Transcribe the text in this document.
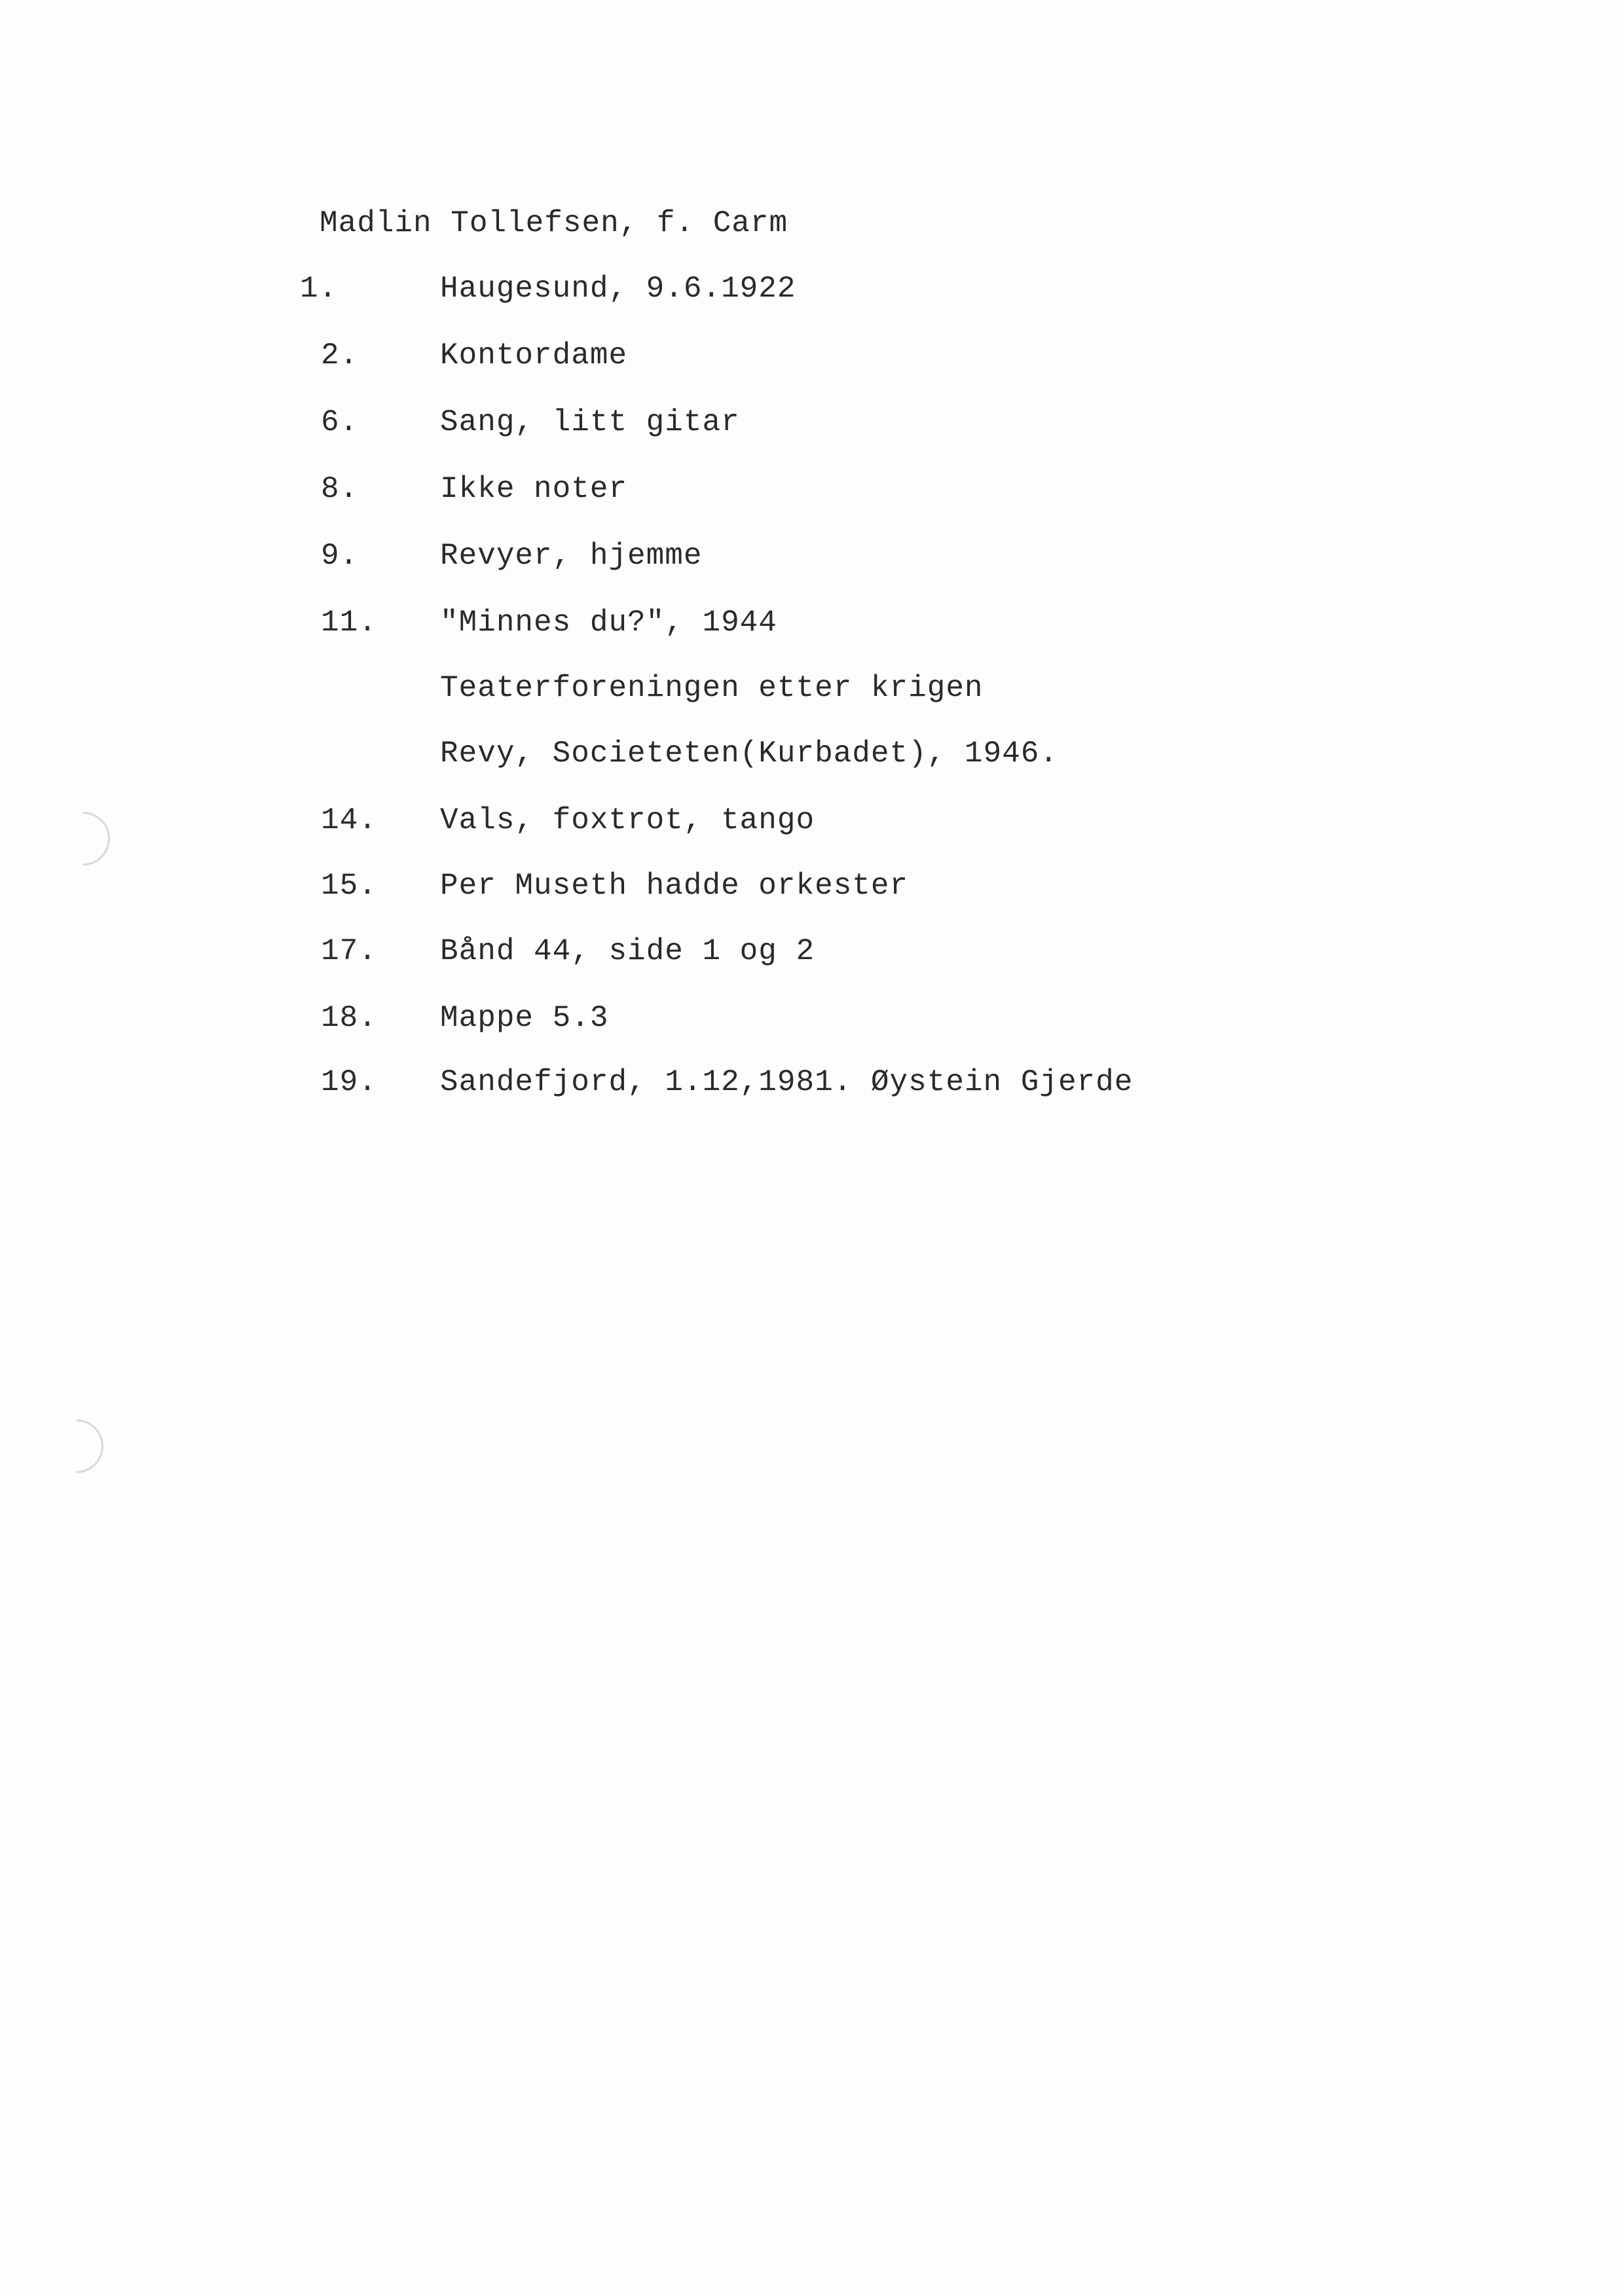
Madlin Tollefsen, f. Carm
1.	Haugesund, 9.6.1922
2.	Kontordame
6.	Sang, litt gitar
8.	Ikke noter
9.	Revyer, hjemme
11. "Minnes du?", 1944
Teaterforeningen etter krigen
Revy, Societeten(Kurbadet), 1946.
14. Vals, foxtrot, tango
15. Per Museth hadde orkester
17. Bånd 44, side 1 og 2
18. Mappe 5.3
19. Sandefjord, 1.12,1981. Øystein Gjerde
